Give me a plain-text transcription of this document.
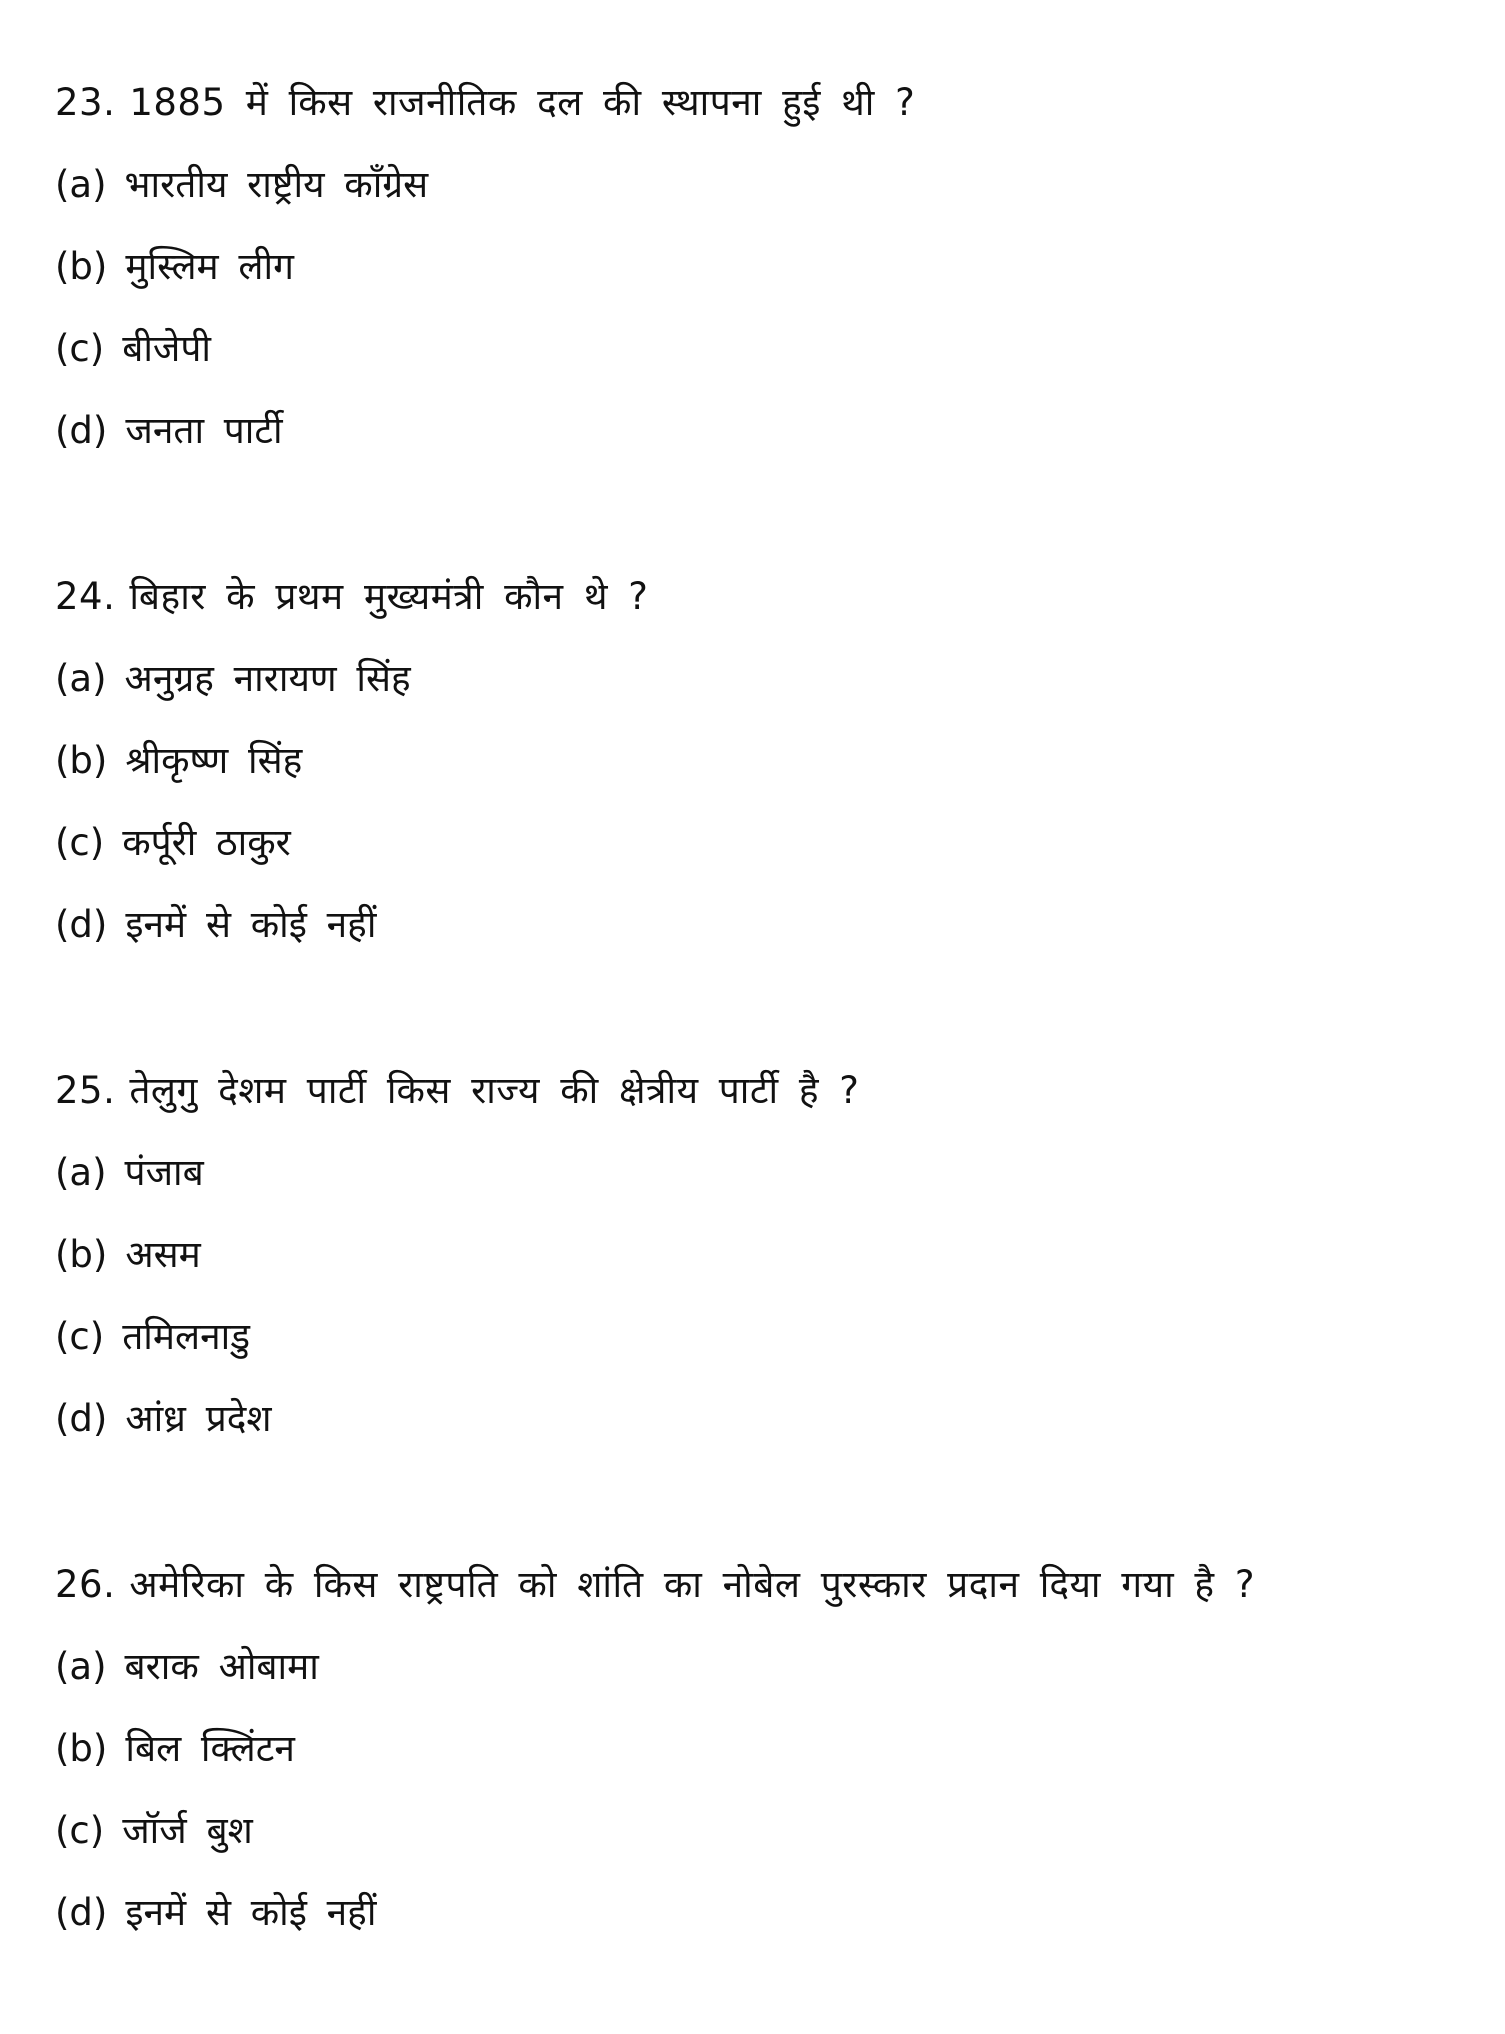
23. 1885 में किस राजनीतिक दल की स्थापना हुई थी ?
(a) भारतीय राष्ट्रीय कॉंग्रेस
(b) मुस्लिम लीग
(c) बीजेपी
(d) जनता पार्टी
24. बिहार के प्रथम मुख्यमंत्री कौन थे ?
(a) अनुग्रह नारायण सिंह
(b) श्रीकृष्ण सिंह
(c) कर्पूरी ठाकुर
(d) इनमें से कोई नहीं
25. तेलुगु देशम पार्टी किस राज्य की क्षेत्रीय पार्टी है ?
(a) पंजाब
(b) असम
(c) तमिलनाडु
(d) आंध्र प्रदेश
26. अमेरिका के किस राष्ट्रपति को शांति का नोबेल पुरस्कार प्रदान दिया गया है ?
(a) बराक ओबामा
(b) बिल क्लिंटन
(c) जॉर्ज बुश
(d) इनमें से कोई नहीं
